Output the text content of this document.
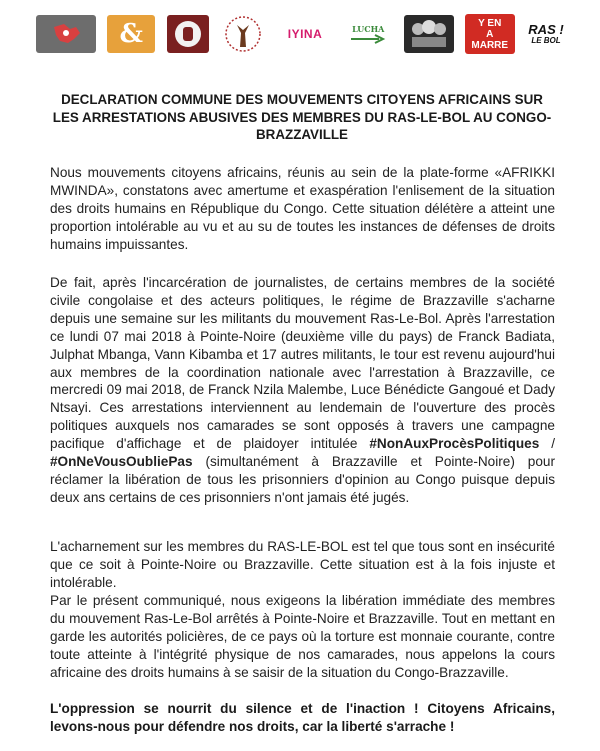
&	IYINA	LUCHA
Y EN
A
MARRE
RAS !
LE BOL
DECLARATION COMMUNE DES MOUVEMENTS CITOYENS AFRICAINS SUR LES ARRESTATIONS ABUSIVES DES MEMBRES DU RAS-LE-BOL AU CONGO-BRAZZAVILLE

Nous mouvements citoyens africains, réunis au sein de la plate-forme «AFRIKKI MWINDA», constatons avec amertume et exaspération l'enlisement de la situation des droits humains en République du Congo. Cette situation délétère a atteint une proportion intolérable au vu et au su de toutes les instances de défenses de droits humains impuissantes.

De fait, après l'incarcération de journalistes, de certains membres de la société civile congolaise et des acteurs politiques, le régime de Brazzaville s'acharne depuis une semaine sur les militants du mouvement Ras-Le-Bol. Après l'arrestation ce lundi 07 mai 2018 à Pointe-Noire (deuxième ville du pays) de Franck Badiata, Julphat Mbanga, Vann Kibamba et 17 autres militants, le tour est revenu aujourd'hui aux membres de la coordination nationale avec l'arrestation à Brazzaville, ce mercredi 09 mai 2018, de Franck Nzila Malembe, Luce Bénédicte Gangoué et Dady Ntsayi. Ces arrestations interviennent au lendemain de l'ouverture des procès politiques auxquels nos camarades se sont opposés à travers une campagne pacifique d'affichage et de plaidoyer intitulée #NonAuxProcèsPolitiques / #OnNeVousOubliePas (simultanément à Brazzaville et Pointe-Noire) pour réclamer la libération de tous les prisonniers d'opinion au Congo puisque depuis deux ans certains de ces prisonniers n'ont jamais été jugés.

L'acharnement sur les membres du RAS-LE-BOL est tel que tous sont en insécurité que ce soit à Pointe-Noire ou Brazzaville. Cette situation est à la fois injuste et intolérable.

Par le présent communiqué, nous exigeons la libération immédiate des membres du mouvement Ras-Le-Bol arrêtés à Pointe-Noire et Brazzaville. Tout en mettant en garde les autorités policières, de ce pays où la torture est monnaie courante, contre toute atteinte à l'intégrité physique de nos camarades, nous appelons la cours africaine des droits humains à se saisir de la situation du Congo-Brazzaville.

L'oppression se nourrit du silence et de l'inaction ! Citoyens Africains, levons-nous pour défendre nos droits, car la liberté s'arrache !
